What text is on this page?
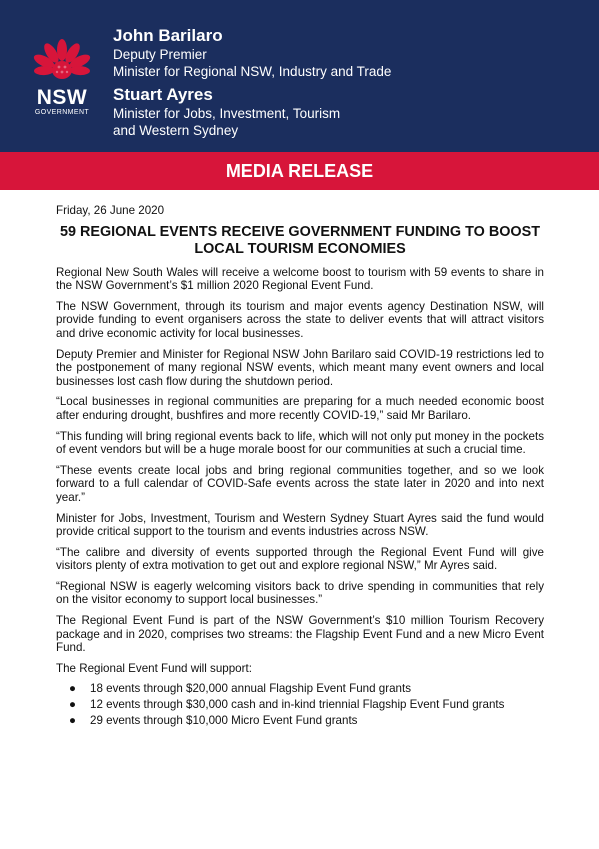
NSW
GOVERNMENT
John Barilaro
Deputy Premier
Minister for Regional NSW, Industry and Trade
Stuart Ayres
Minister for Jobs, Investment, Tourism
and Western Sydney
MEDIA RELEASE

Friday, 26 June 2020

59 REGIONAL EVENTS RECEIVE GOVERNMENT FUNDING TO BOOST LOCAL TOURISM ECONOMIES

Regional New South Wales will receive a welcome boost to tourism with 59 events to share in the NSW Government’s $1 million 2020 Regional Event Fund.

The NSW Government, through its tourism and major events agency Destination NSW, will provide funding to event organisers across the state to deliver events that will attract visitors and drive economic activity for local businesses.

Deputy Premier and Minister for Regional NSW John Barilaro said COVID-19 restrictions led to the postponement of many regional NSW events, which meant many event owners and local businesses lost cash flow during the shutdown period.

“Local businesses in regional communities are preparing for a much needed economic boost after enduring drought, bushfires and more recently COVID-19,” said Mr Barilaro.

“This funding will bring regional events back to life, which will not only put money in the pockets of event vendors but will be a huge morale boost for our communities at such a crucial time.

“These events create local jobs and bring regional communities together, and so we look forward to a full calendar of COVID-Safe events across the state later in 2020 and into next year.”

Minister for Jobs, Investment, Tourism and Western Sydney Stuart Ayres said the fund would provide critical support to the tourism and events industries across NSW.

“The calibre and diversity of events supported through the Regional Event Fund will give visitors plenty of extra motivation to get out and explore regional NSW,” Mr Ayres said.

“Regional NSW is eagerly welcoming visitors back to drive spending in communities that rely on the visitor economy to support local businesses.”

The Regional Event Fund is part of the NSW Government’s $10 million Tourism Recovery package and in 2020, comprises two streams: the Flagship Event Fund and a new Micro Event Fund.

The Regional Event Fund will support:

● 18 events through $20,000 annual Flagship Event Fund grants
● 12 events through $30,000 cash and in-kind triennial Flagship Event Fund grants
● 29 events through $10,000 Micro Event Fund grants
